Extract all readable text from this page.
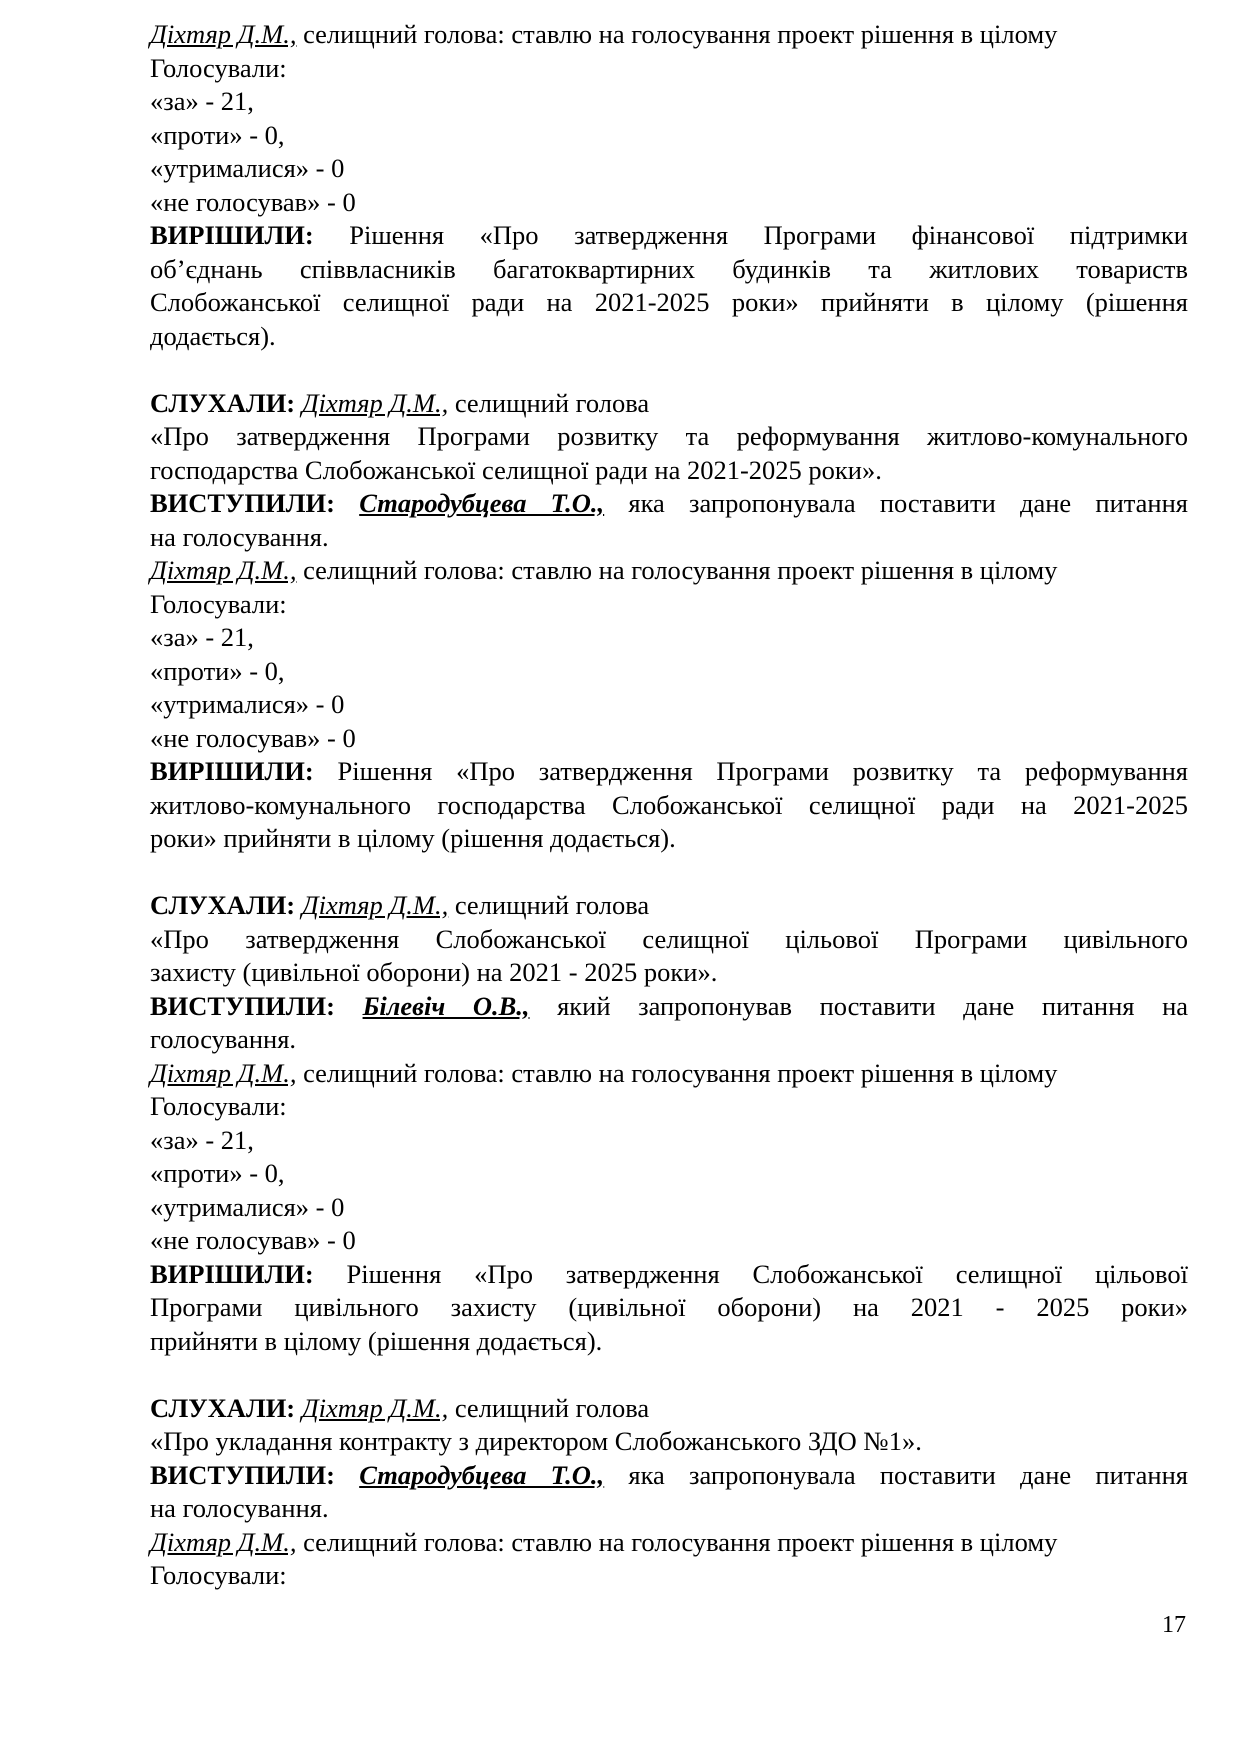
Діхтяр Д.М., селищний голова: ставлю на голосування проект рішення в цілому
Голосували:
«за» - 21,
«проти» - 0,
«утрималися» - 0
«не голосував» - 0
ВИРІШИЛИ: Рішення «Про затвердження Програми фінансової підтримки
об’єднань співвласників багатоквартирних будинків та житлових товариств
Слобожанської селищної ради на 2021-2025 роки» прийняти в цілому (рішення
додається).
СЛУХАЛИ: Діхтяр Д.М., селищний голова
«Про затвердження Програми розвитку та реформування житлово-комунального
господарства Слобожанської селищної ради на 2021-2025 роки».
ВИСТУПИЛИ: Стародубцева Т.О., яка запропонувала поставити дане питання
на голосування.
Діхтяр Д.М., селищний голова: ставлю на голосування проект рішення в цілому
Голосували:
«за» - 21,
«проти» - 0,
«утрималися» - 0
«не голосував» - 0
ВИРІШИЛИ: Рішення «Про затвердження Програми розвитку та реформування
житлово-комунального господарства Слобожанської селищної ради на 2021-2025
роки» прийняти в цілому (рішення додається).
СЛУХАЛИ: Діхтяр Д.М., селищний голова
«Про затвердження Слобожанської селищної цільової Програми цивільного
захисту (цивільної оборони) на 2021 - 2025 роки».
ВИСТУПИЛИ: Білевіч О.В., який запропонував поставити дане питання на
голосування.
Діхтяр Д.М., селищний голова: ставлю на голосування проект рішення в цілому
Голосували:
«за» - 21,
«проти» - 0,
«утрималися» - 0
«не голосував» - 0
ВИРІШИЛИ: Рішення «Про затвердження Слобожанської селищної цільової
Програми цивільного захисту (цивільної оборони) на 2021 - 2025 роки»
прийняти в цілому (рішення додається).
СЛУХАЛИ: Діхтяр Д.М., селищний голова
«Про укладання контракту з директором Слобожанського ЗДО №1».
ВИСТУПИЛИ: Стародубцева Т.О., яка запропонувала поставити дане питання
на голосування.
Діхтяр Д.М., селищний голова: ставлю на голосування проект рішення в цілому
Голосували:
17
